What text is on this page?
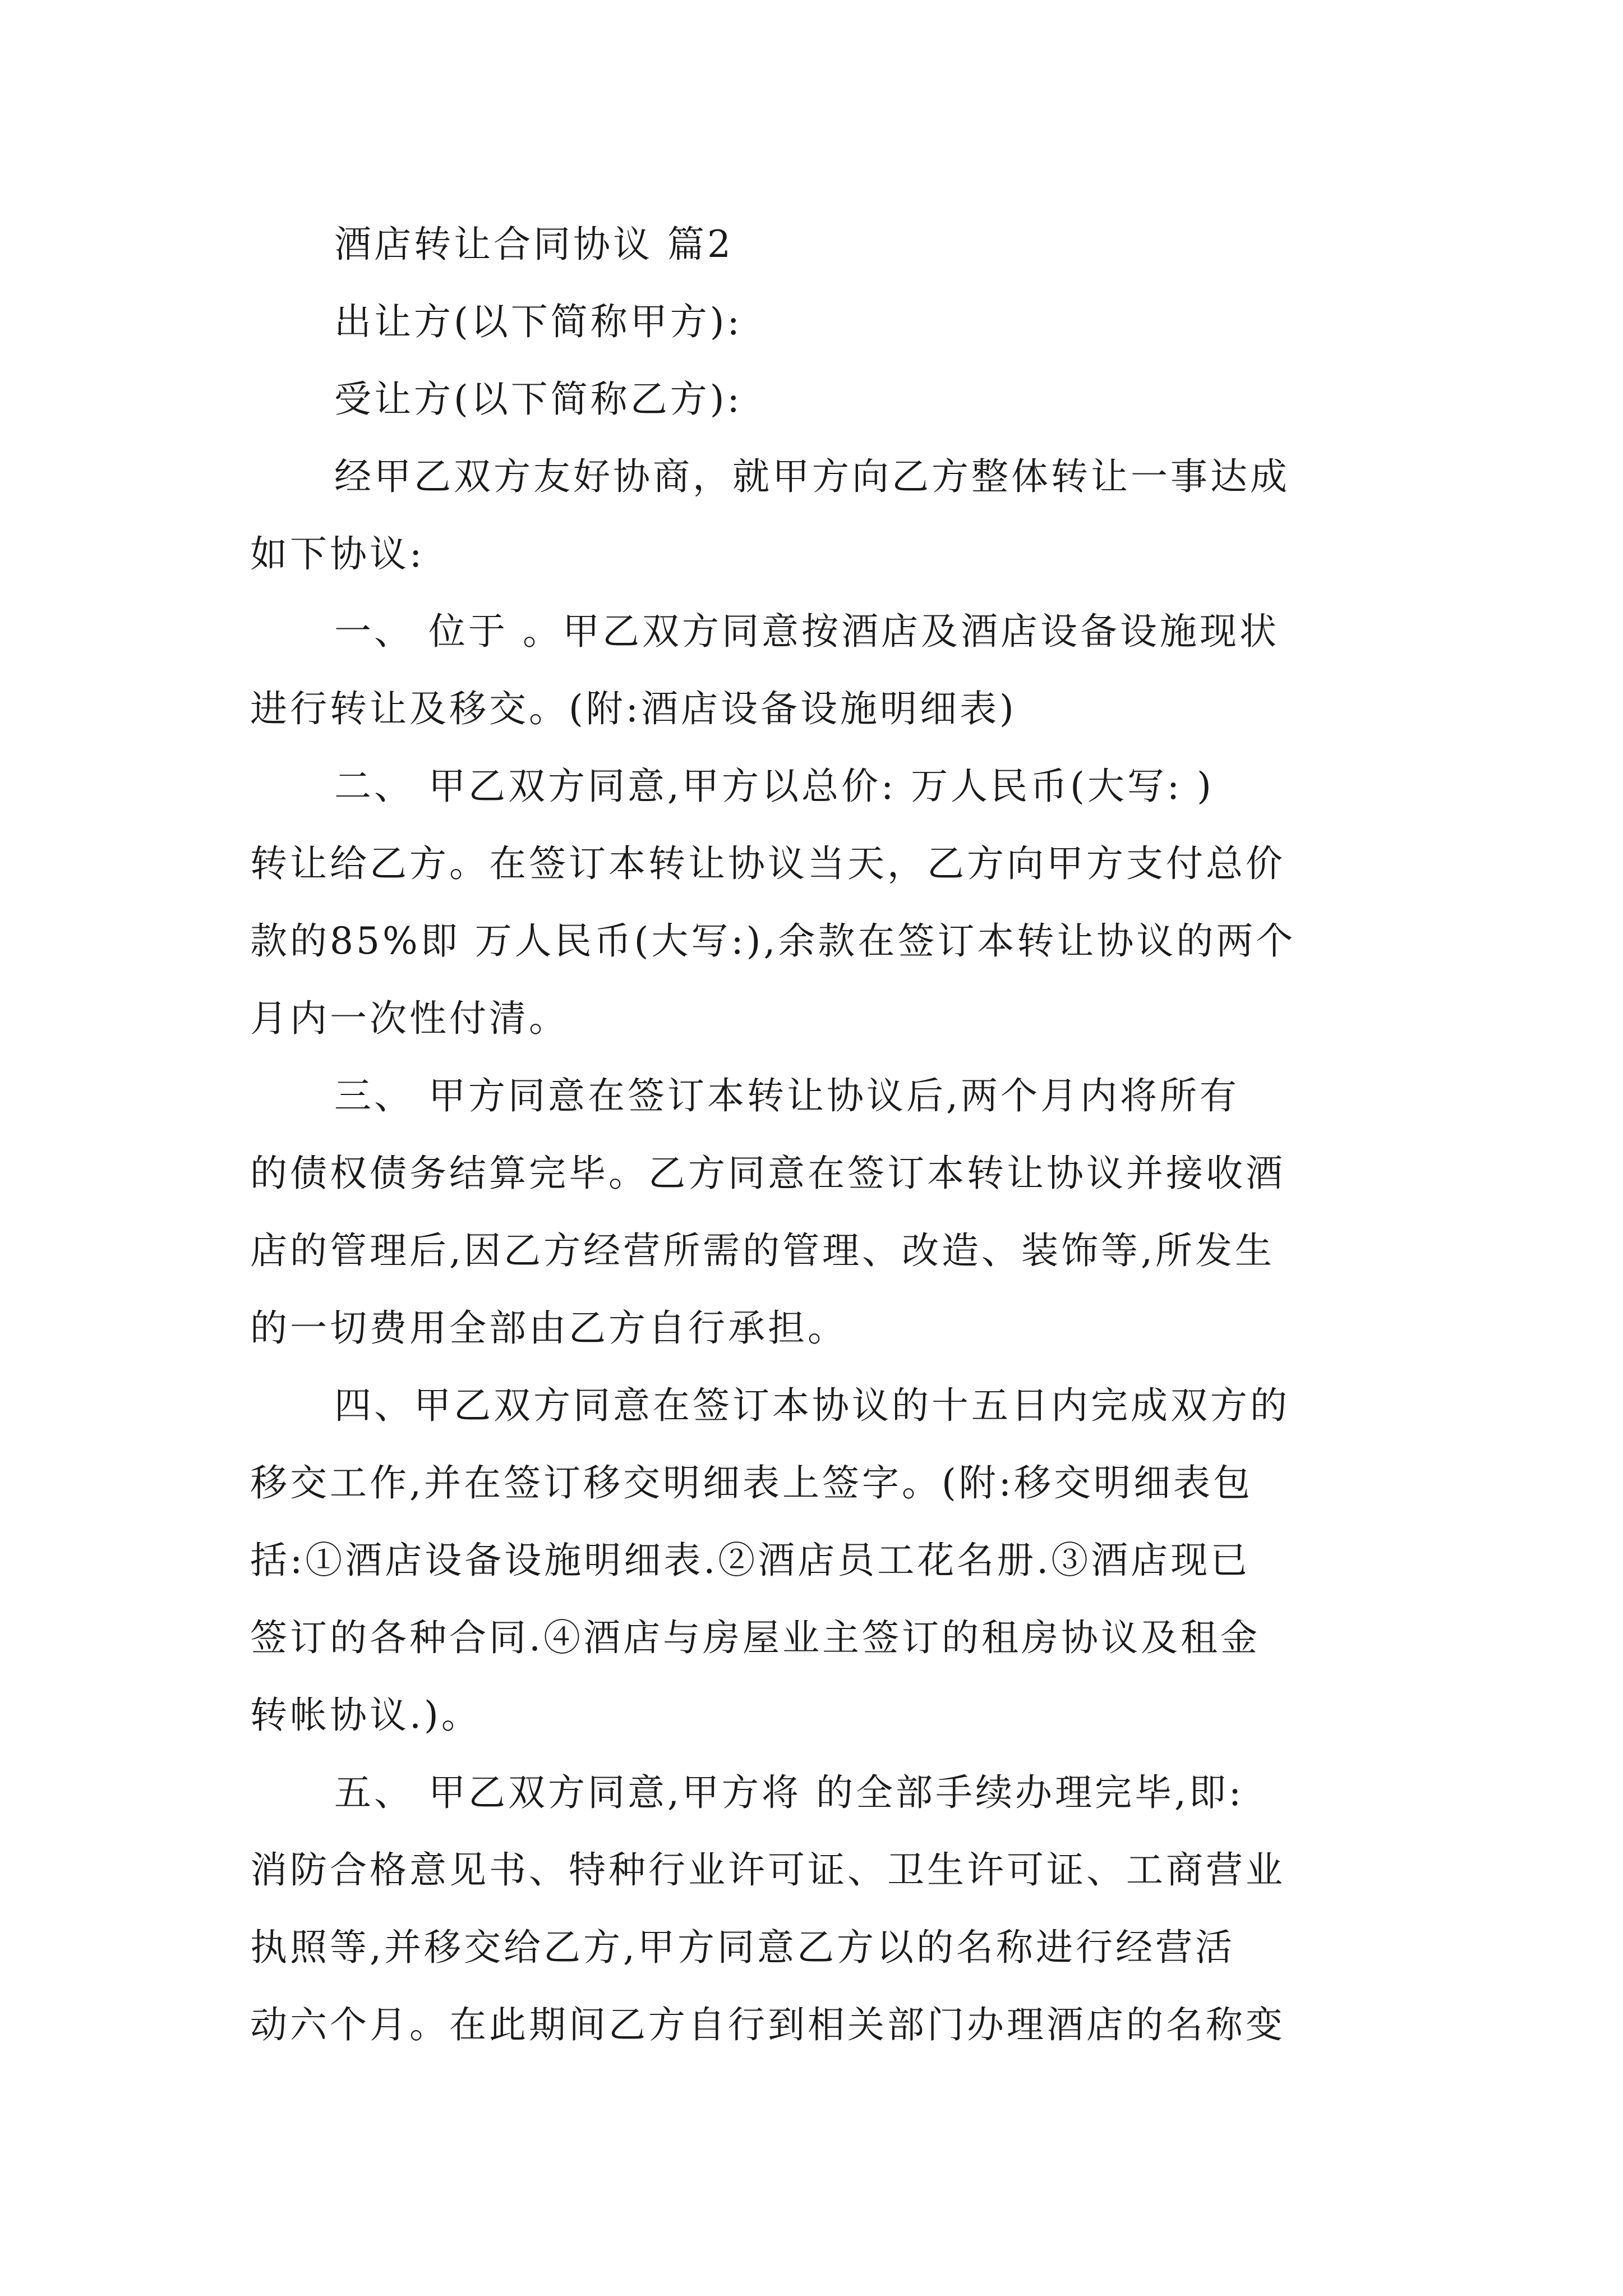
酒店转让合同协议 篇2
出让方(以下简称甲方):
受让方(以下简称乙方):
经甲乙双方友好协商，就甲方向乙方整体转让一事达成
如下协议:
一、 位于 。甲乙双方同意按酒店及酒店设备设施现状
进行转让及移交。(附:酒店设备设施明细表)
二、 甲乙双方同意,甲方以总价: 万人民币(大写: )
转让给乙方。在签订本转让协议当天，乙方向甲方支付总价
款的85%即 万人民币(大写:),余款在签订本转让协议的两个
月内一次性付清。
三、 甲方同意在签订本转让协议后,两个月内将所有
的债权债务结算完毕。乙方同意在签订本转让协议并接收酒
店的管理后,因乙方经营所需的管理、改造、装饰等,所发生
的一切费用全部由乙方自行承担。
四、甲乙双方同意在签订本协议的十五日内完成双方的
移交工作,并在签订移交明细表上签字。(附:移交明细表包
括:①酒店设备设施明细表.②酒店员工花名册.③酒店现已
签订的各种合同.④酒店与房屋业主签订的租房协议及租金
转帐协议.)。
五、 甲乙双方同意,甲方将 的全部手续办理完毕,即:
消防合格意见书、特种行业许可证、卫生许可证、工商营业
执照等,并移交给乙方,甲方同意乙方以的名称进行经营活
动六个月。在此期间乙方自行到相关部门办理酒店的名称变
